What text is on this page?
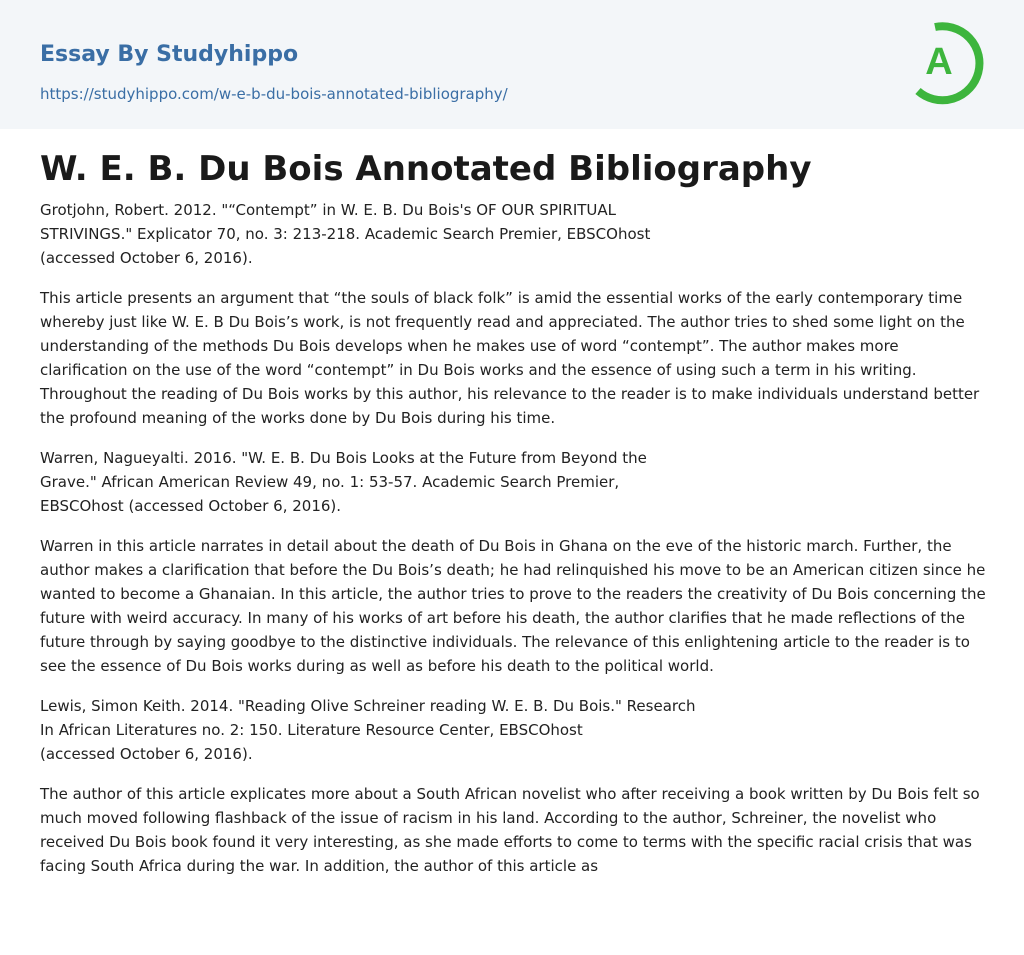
Essay By Studyhippo
https://studyhippo.com/w-e-b-du-bois-annotated-bibliography/
A
W. E. B. Du Bois Annotated Bibliography

Grotjohn, Robert. 2012. "“Contempt” in W. E. B. Du Bois's OF OUR SPIRITUAL
STRIVINGS." Explicator 70, no. 3: 213-218. Academic Search Premier, EBSCOhost
(accessed October 6, 2016).

This article presents an argument that “the souls of black folk” is amid the essential works of the early contemporary time whereby just like W. E. B Du Bois’s work, is not frequently read and appreciated. The author tries to shed some light on the understanding of the methods Du Bois develops when he makes use of word “contempt”. The author makes more clarification on the use of the word “contempt” in Du Bois works and the essence of using such a term in his writing. Throughout the reading of Du Bois works by this author, his relevance to the reader is to make individuals understand better the profound meaning of the works done by Du Bois during his time.

Warren, Nagueyalti. 2016. "W. E. B. Du Bois Looks at the Future from Beyond the
Grave." African American Review 49, no. 1: 53-57. Academic Search Premier,
EBSCOhost (accessed October 6, 2016).

Warren in this article narrates in detail about the death of Du Bois in Ghana on the eve of the historic march. Further, the author makes a clarification that before the Du Bois’s death; he had relinquished his move to be an American citizen since he wanted to become a Ghanaian. In this article, the author tries to prove to the readers the creativity of Du Bois concerning the future with weird accuracy. In many of his works of art before his death, the author clarifies that he made reflections of the future through by saying goodbye to the distinctive individuals. The relevance of this enlightening article to the reader is to see the essence of Du Bois works during as well as before his death to the political world.

Lewis, Simon Keith. 2014. "Reading Olive Schreiner reading W. E. B. Du Bois." Research
In African Literatures no. 2: 150. Literature Resource Center, EBSCOhost
(accessed October 6, 2016).

The author of this article explicates more about a South African novelist who after receiving a book written by Du Bois felt so much moved following flashback of the issue of racism in his land. According to the author, Schreiner, the novelist who received Du Bois book found it very interesting, as she made efforts to come to terms with the specific racial crisis that was facing South Africa during the war. In addition, the author of this article as
